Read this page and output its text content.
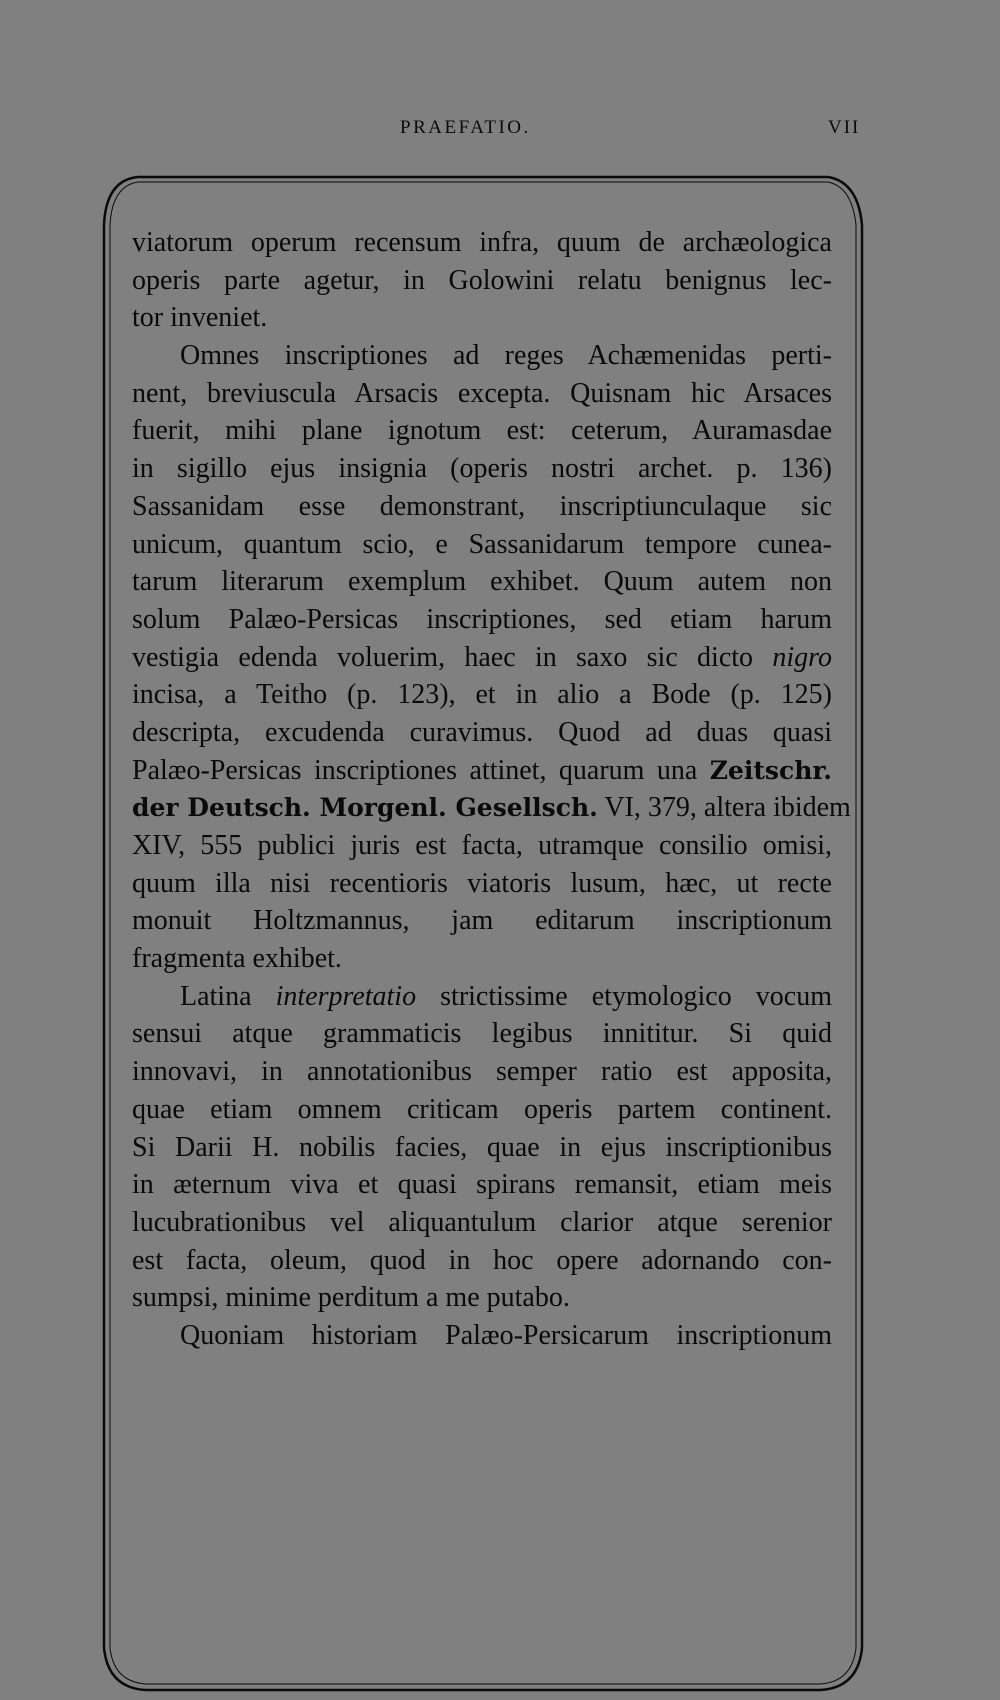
PRAEFATIO.	VII
viatorum operum recensum infra, quum de archæologica
operis parte agetur, in Golowini relatu benignus lec-
tor inveniet.
Omnes inscriptiones ad reges Achæmenidas perti-
nent, breviuscula Arsacis excepta. Quisnam hic Arsaces
fuerit, mihi plane ignotum est: ceterum, Auramasdae
in sigillo ejus insignia (operis nostri archet. p. 136)
Sassanidam esse demonstrant, inscriptiunculaque sic
unicum, quantum scio, e Sassanidarum tempore cunea-
tarum literarum exemplum exhibet. Quum autem non
solum Palæo-Persicas inscriptiones, sed etiam harum
vestigia edenda voluerim, haec in saxo sic dicto nigro
incisa, a Teitho (p. 123), et in alio a Bode (p. 125)
descripta, excudenda curavimus. Quod ad duas quasi
Palæo-Persicas inscriptiones attinet, quarum una Zeitschr.
der Deutsch. Morgenl. Gesellsch. VI, 379, altera ibidem
XIV, 555 publici juris est facta, utramque consilio omisi,
quum illa nisi recentioris viatoris lusum, hæc, ut recte
monuit Holtzmannus, jam editarum inscriptionum
fragmenta exhibet.
Latina interpretatio strictissime etymologico vocum
sensui atque grammaticis legibus innititur. Si quid
innovavi, in annotationibus semper ratio est apposita,
quae etiam omnem criticam operis partem continent.
Si Darii H. nobilis facies, quae in ejus inscriptionibus
in æternum viva et quasi spirans remansit, etiam meis
lucubrationibus vel aliquantulum clarior atque serenior
est facta, oleum, quod in hoc opere adornando con-
sumpsi, minime perditum a me putabo.
Quoniam historiam Palæo-Persicarum inscriptionum
